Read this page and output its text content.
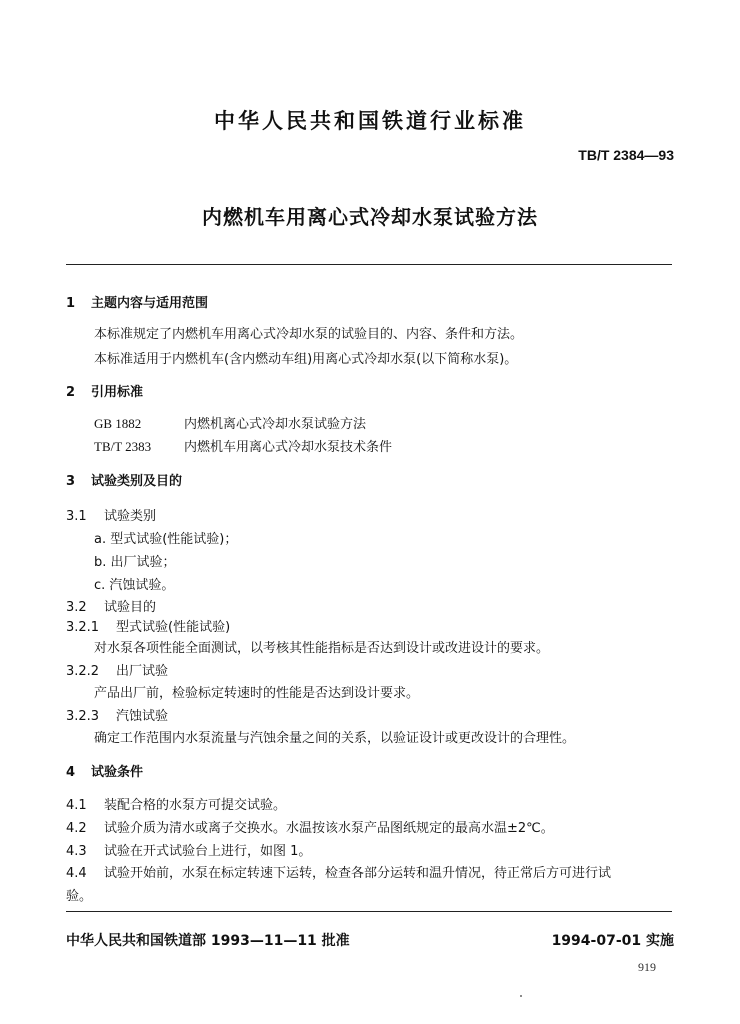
中华人民共和国铁道行业标准
TB/T 2384—93
内燃机车用离心式冷却水泵试验方法
1 主题内容与适用范围
本标准规定了内燃机车用离心式冷却水泵的试验目的、内容、条件和方法。
本标准适用于内燃机车(含内燃动车组)用离心式冷却水泵(以下简称水泵)。
2 引用标准
GB 1882	内燃机离心式冷却水泵试验方法
TB/T 2383	内燃机车用离心式冷却水泵技术条件
3 试验类别及目的
3.1 试验类别
a. 型式试验(性能试验)；
b. 出厂试验；
c. 汽蚀试验。
3.2 试验目的
3.2.1 型式试验(性能试验)
对水泵各项性能全面测试，以考核其性能指标是否达到设计或改进设计的要求。
3.2.2 出厂试验
产品出厂前，检验标定转速时的性能是否达到设计要求。
3.2.3 汽蚀试验
确定工作范围内水泵流量与汽蚀余量之间的关系，以验证设计或更改设计的合理性。
4 试验条件
4.1 装配合格的水泵方可提交试验。
4.2 试验介质为清水或离子交换水。水温按该水泵产品图纸规定的最高水温±2℃。
4.3 试验在开式试验台上进行，如图 1。
4.4 试验开始前，水泵在标定转速下运转，检查各部分运转和温升情况，待正常后方可进行试
验。
中华人民共和国铁道部 1993—11—11 批准	1994-07-01 实施
919
